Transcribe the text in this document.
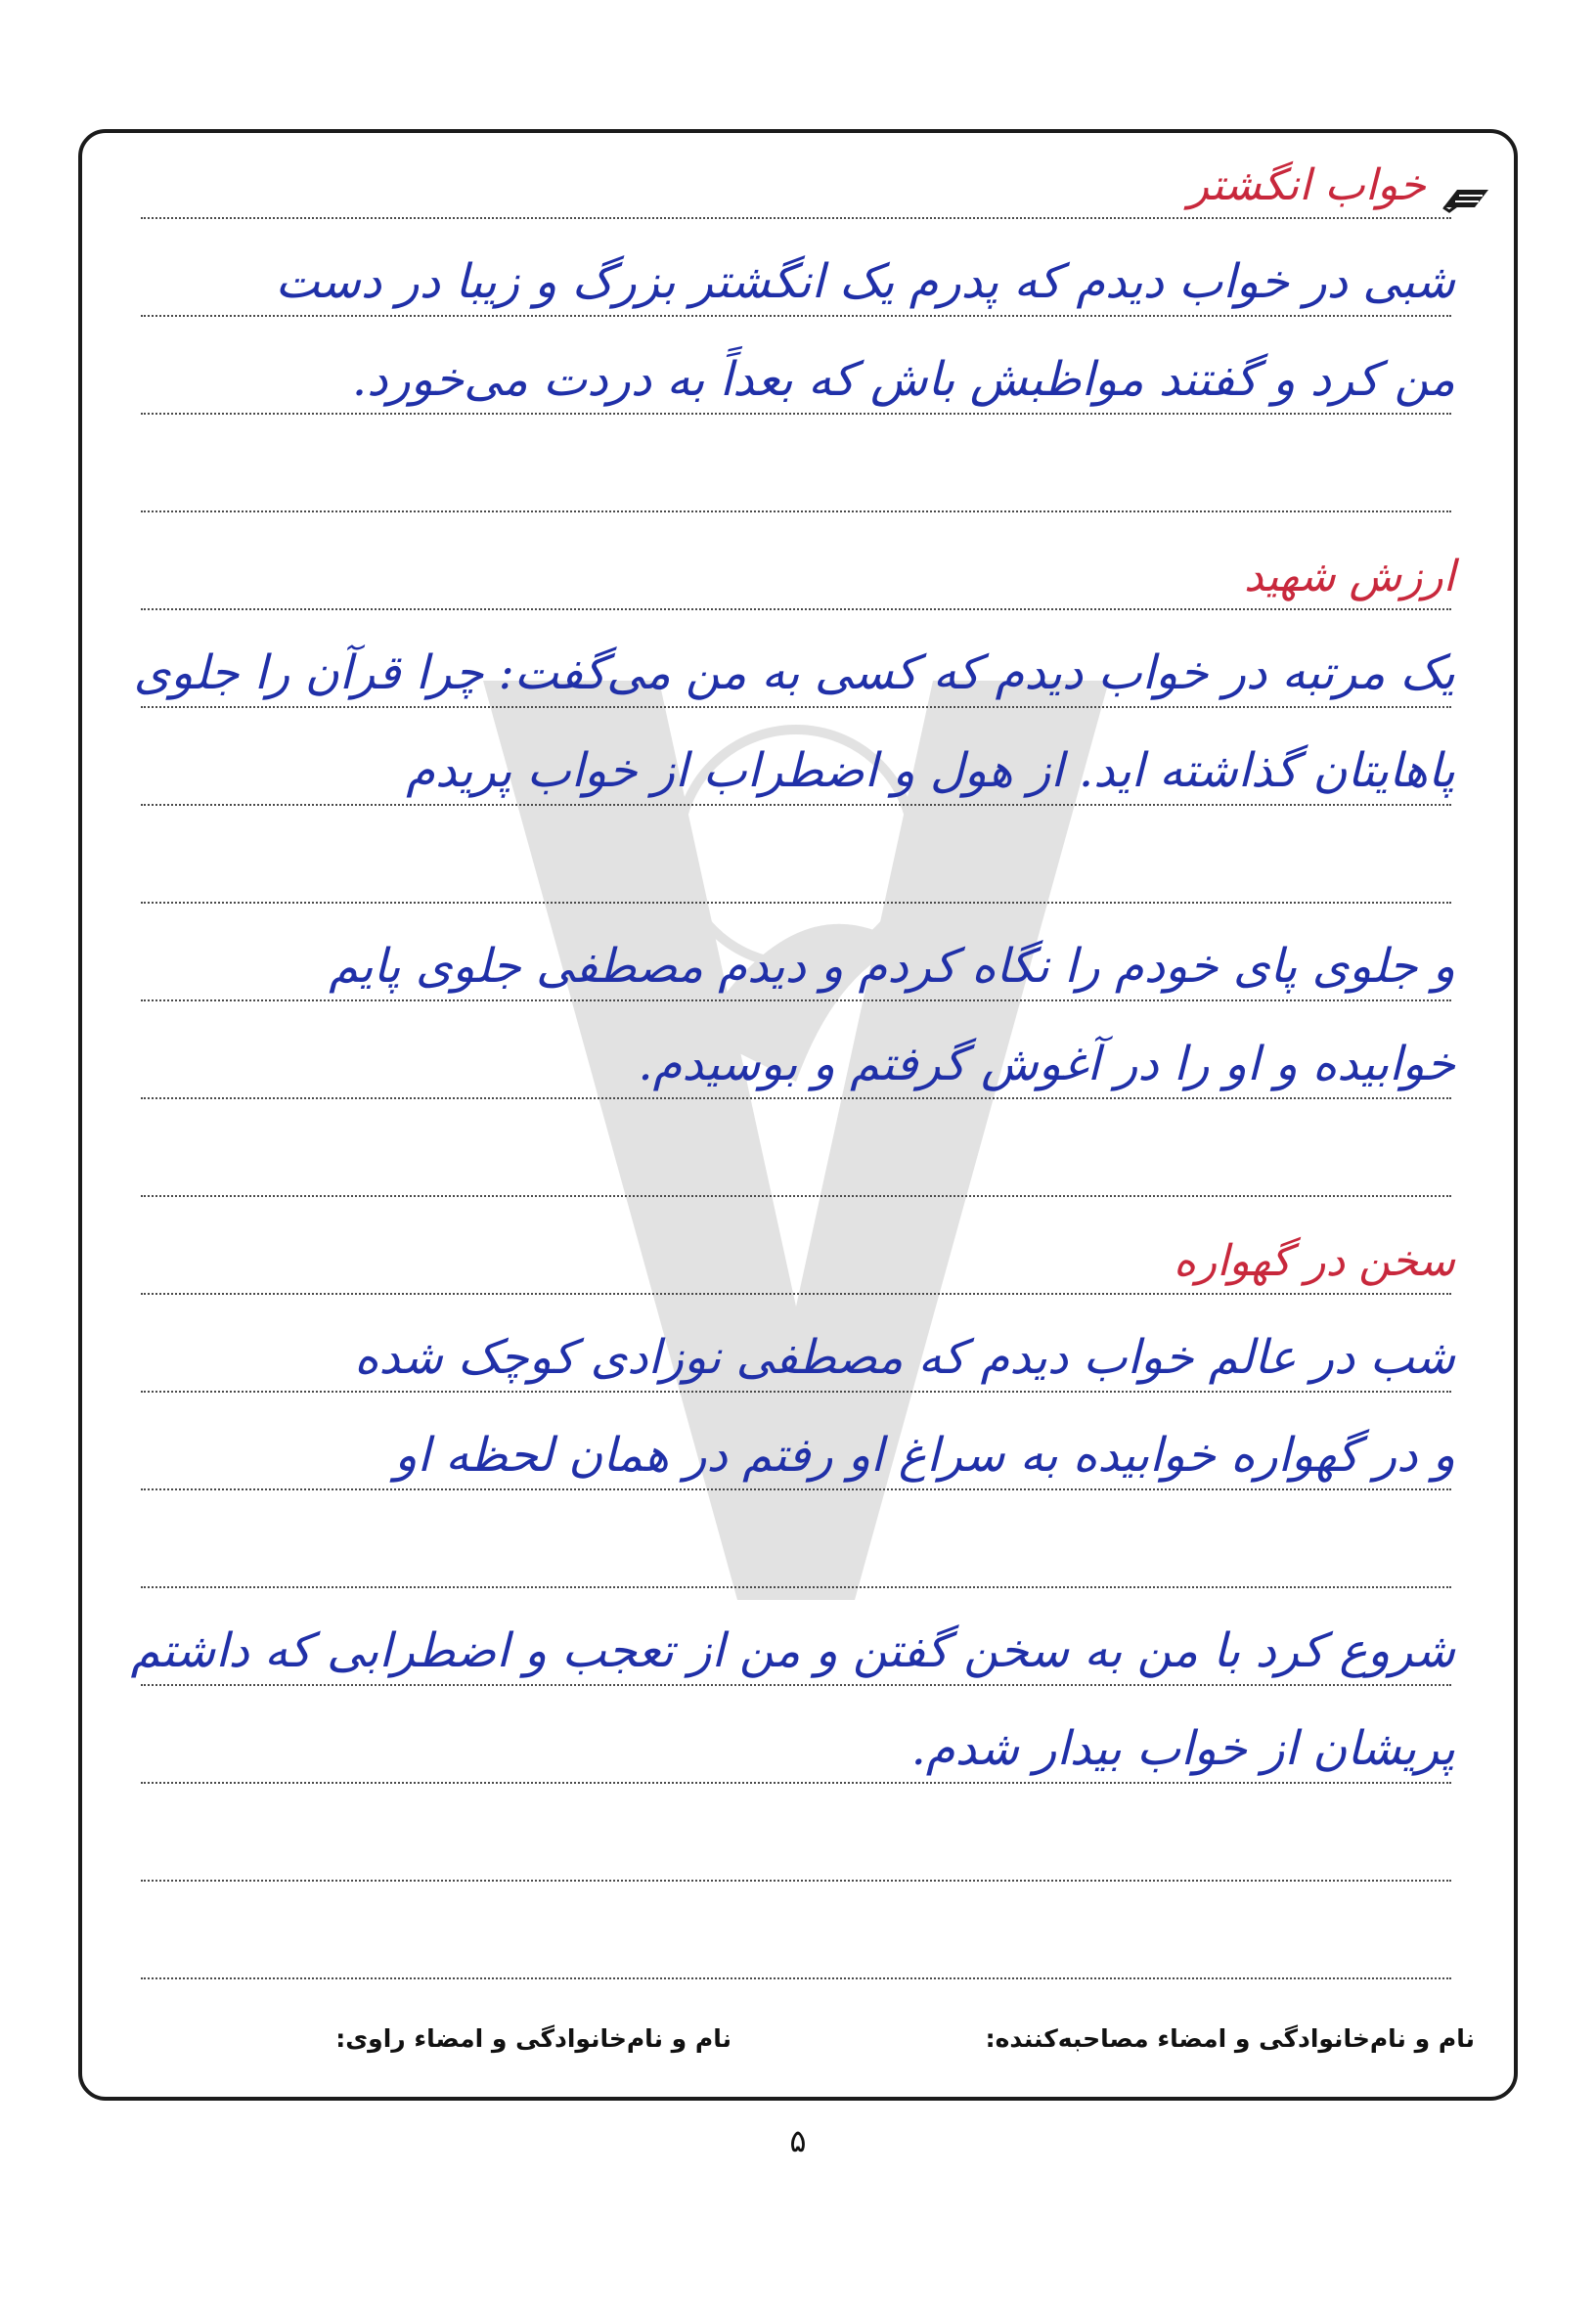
خواب انگشتر
شبی در خواب دیدم که پدرم یک انگشتر بزرگ و زیبا در دست
من کرد و گفتند مواظبش باش که بعداً به دردت می‌خورد.
ارزش شهید
یک مرتبه در خواب دیدم که کسی به من می‌گفت: چرا قرآن را جلوی
پاهایتان گذاشته اید. از هول و اضطراب از خواب پریدم
و جلوی پای خودم را نگاه کردم و دیدم مصطفی جلوی پایم
خوابیده و او را در آغوش گرفتم و بوسیدم.
سخن در گهواره
شب در عالم خواب دیدم که مصطفی نوزادی کوچک شده
و در گهواره خوابیده به سراغ او رفتم در همان لحظه او
شروع کرد با من به سخن گفتن و من از تعجب و اضطرابی که داشتم
پریشان از خواب بیدار شدم.
نام و نام‌خانوادگی و امضاء مصاحبه‌کننده:
نام و نام‌خانوادگی و امضاء راوی:
۵
